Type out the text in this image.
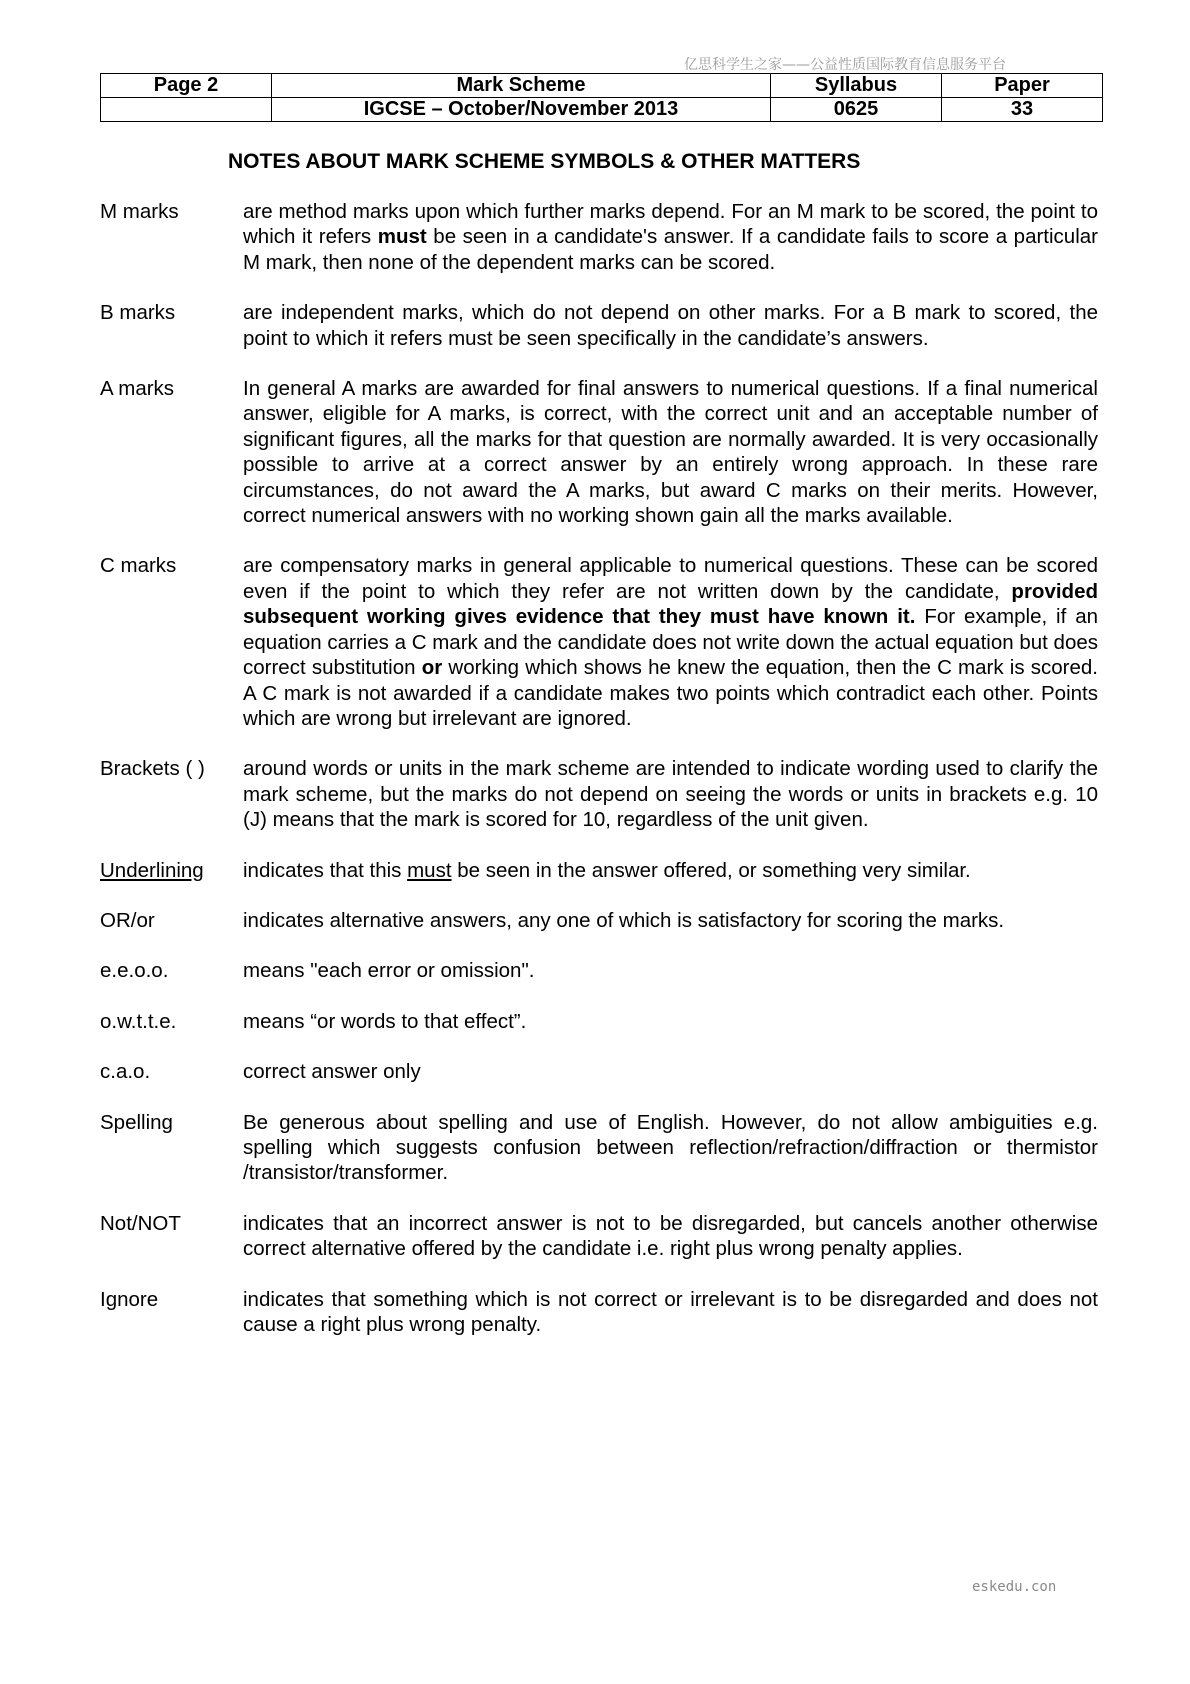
亿思科学生之家——公益性质国际教育信息服务平台
Page 2	Mark Scheme	Syllabus	Paper
	IGCSE – October/November 2013	0625	33
NOTES ABOUT MARK SCHEME SYMBOLS & OTHER MATTERS
M marks	are method marks upon which further marks depend. For an M mark to be scored, the point to which it refers must be seen in a candidate's answer. If a candidate fails to score a particular M mark, then none of the dependent marks can be scored.
B marks	are independent marks, which do not depend on other marks. For a B mark to scored, the point to which it refers must be seen specifically in the candidate’s answers.
A marks	In general A marks are awarded for final answers to numerical questions. If a final numerical answer, eligible for A marks, is correct, with the correct unit and an acceptable number of significant figures, all the marks for that question are normally awarded. It is very occasionally possible to arrive at a correct answer by an entirely wrong approach. In these rare circumstances, do not award the A marks, but award C marks on their merits. However, correct numerical answers with no working shown gain all the marks available.
C marks	are compensatory marks in general applicable to numerical questions. These can be scored even if the point to which they refer are not written down by the candidate, provided subsequent working gives evidence that they must have known it. For example, if an equation carries a C mark and the candidate does not write down the actual equation but does correct substitution or working which shows he knew the equation, then the C mark is scored. A C mark is not awarded if a candidate makes two points which contradict each other. Points which are wrong but irrelevant are ignored.
Brackets ( )	around words or units in the mark scheme are intended to indicate wording used to clarify the mark scheme, but the marks do not depend on seeing the words or units in brackets e.g. 10 (J) means that the mark is scored for 10, regardless of the unit given.
Underlining	indicates that this must be seen in the answer offered, or something very similar.
OR/or	indicates alternative answers, any one of which is satisfactory for scoring the marks.
e.e.o.o.	means "each error or omission".
o.w.t.t.e.	means “or words to that effect”.
c.a.o.	correct answer only
Spelling	Be generous about spelling and use of English. However, do not allow ambiguities e.g. spelling which suggests confusion between reflection/refraction/diffraction or thermistor /transistor/transformer.
Not/NOT	indicates that an incorrect answer is not to be disregarded, but cancels another otherwise correct alternative offered by the candidate i.e. right plus wrong penalty applies.
Ignore	indicates that something which is not correct or irrelevant is to be disregarded and does not cause a right plus wrong penalty.
eskedu.con
